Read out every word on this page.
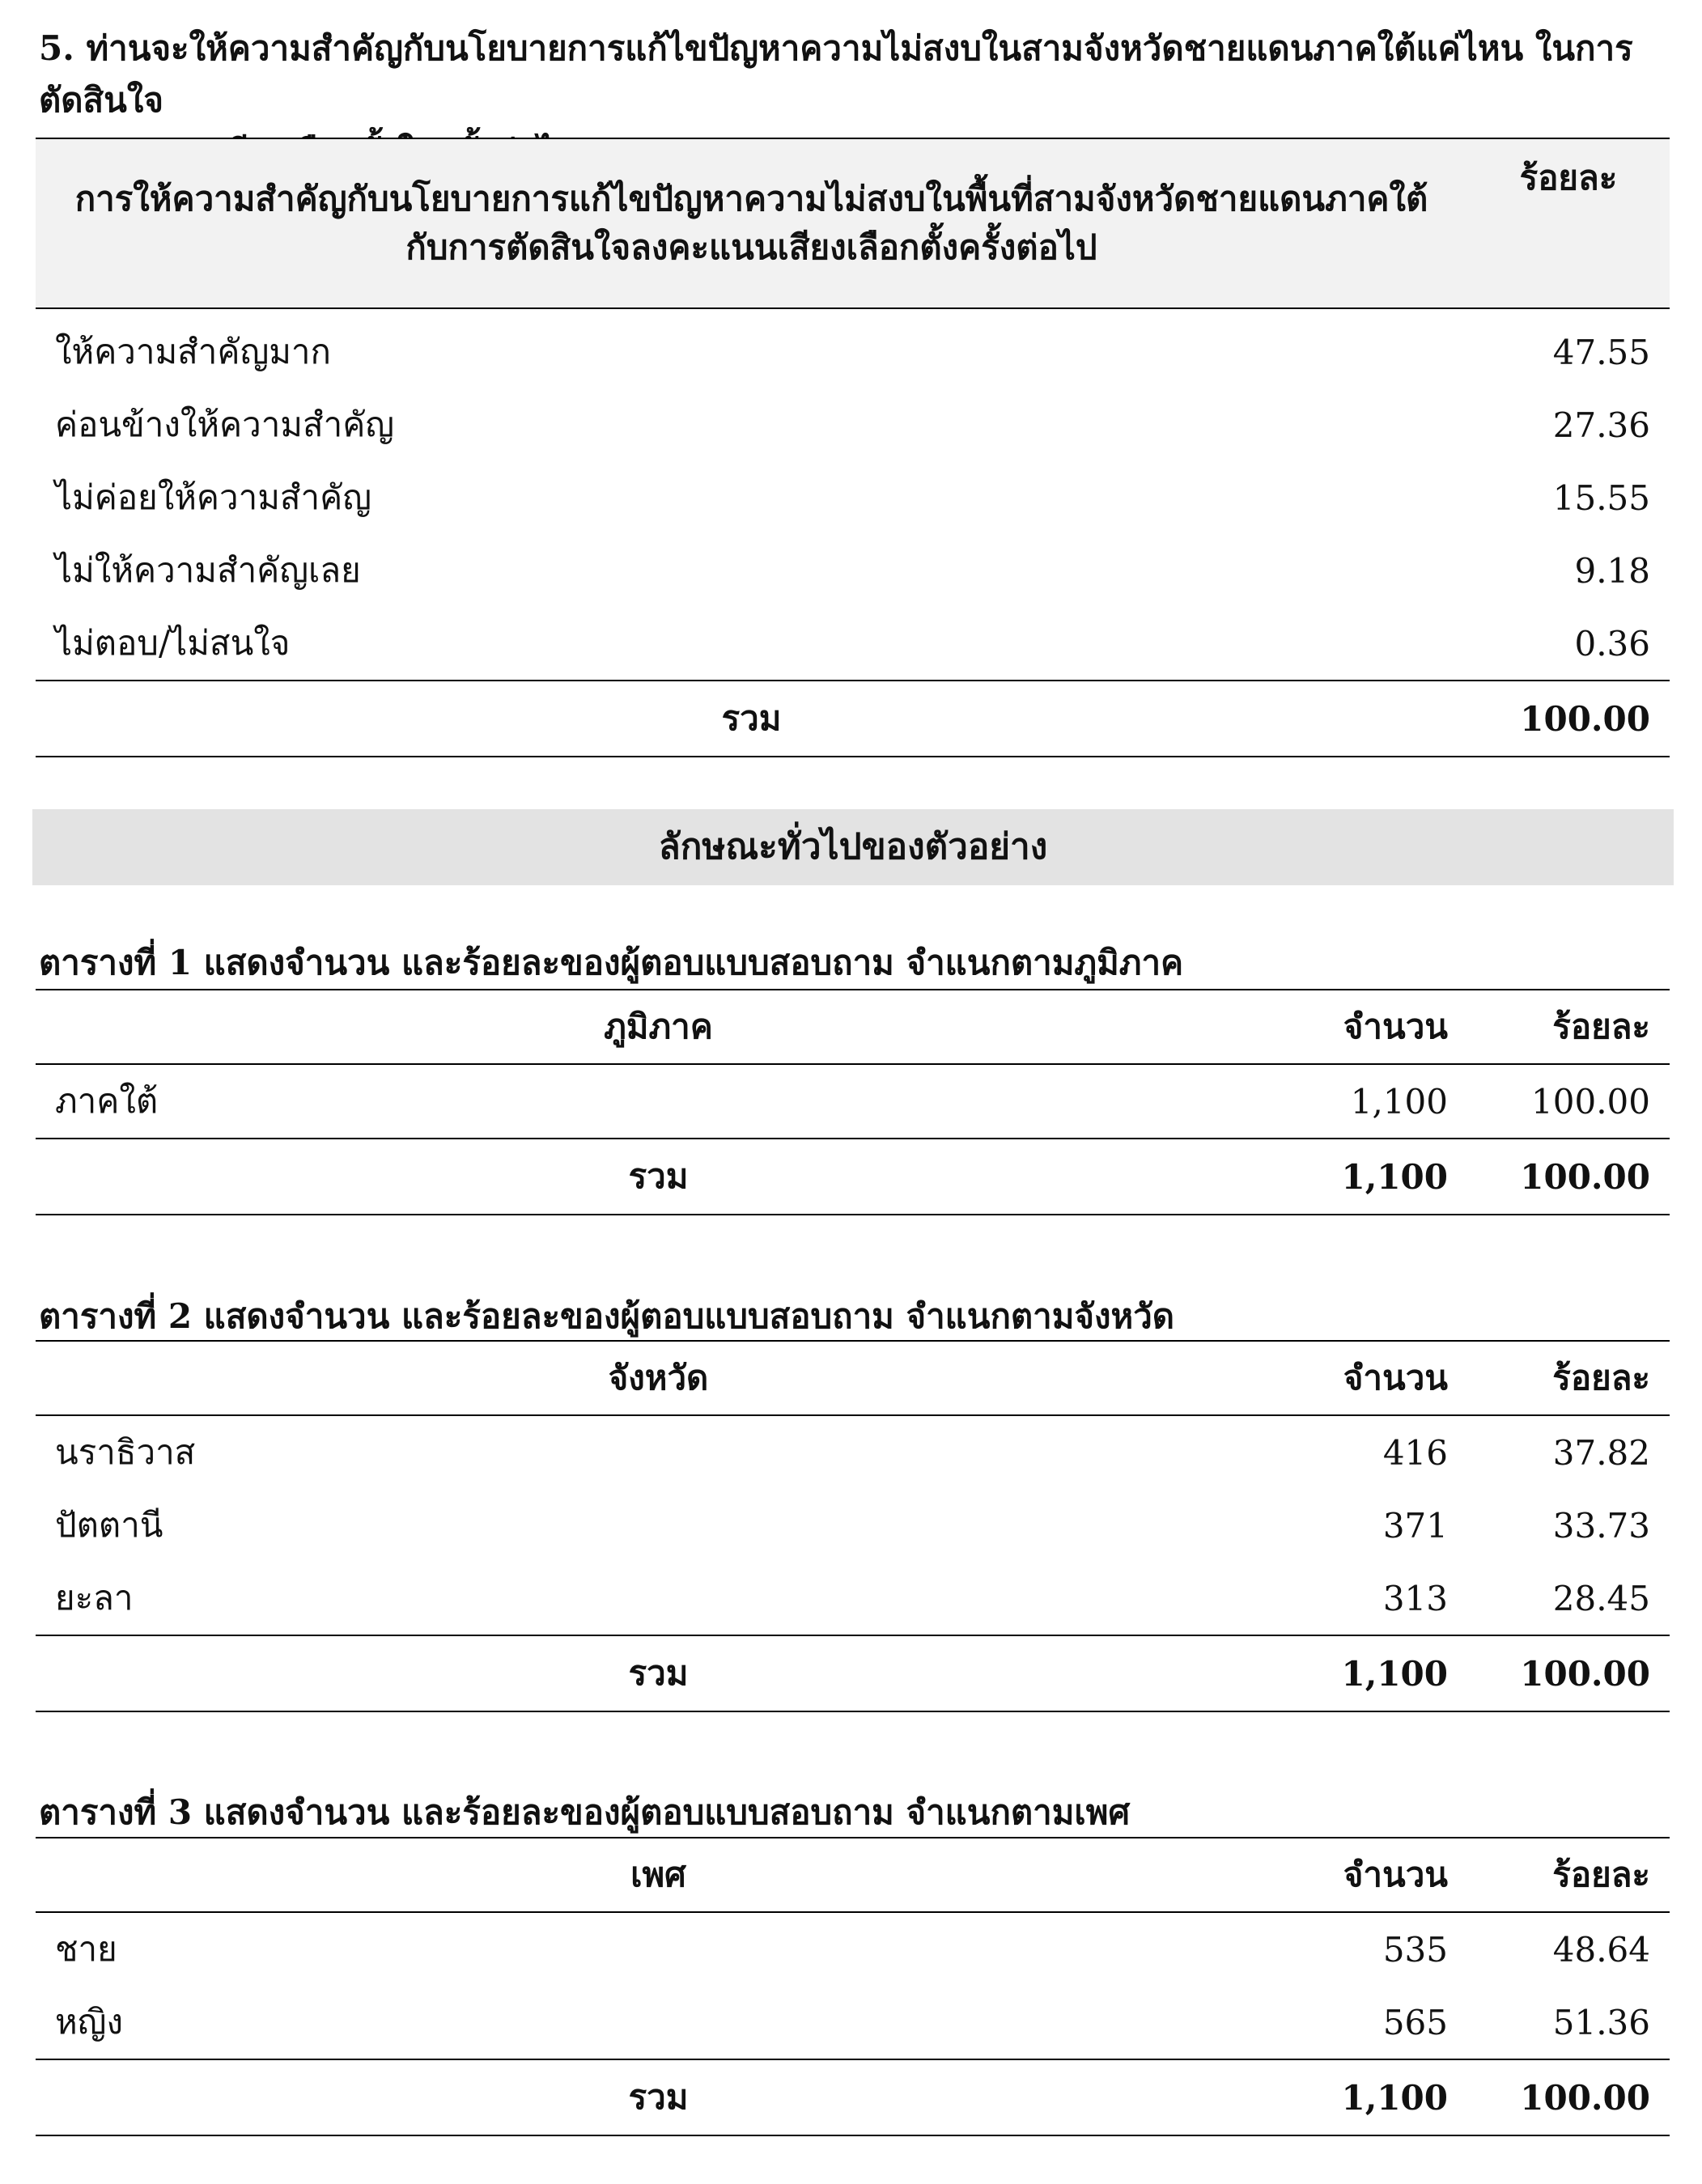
5. ท่านจะให้ความสำคัญกับนโยบายการแก้ไขปัญหาความไม่สงบในสามจังหวัดชายแดนภาคใต้แค่ไหน ในการตัดสินใจ
การให้ความสำคัญกับนโยบายการแก้ไขปัญหาความไม่สงบในพื้นที่สามจังหวัดชายแดนภาคใต้
กับการตัดสินใจลงคะแนนเสียงเลือกตั้งครั้งต่อไป	ร้อยละ
ให้ความสำคัญมาก	47.55
ค่อนข้างให้ความสำคัญ	27.36
ไม่ค่อยให้ความสำคัญ	15.55
ไม่ให้ความสำคัญเลย	9.18
ไม่ตอบ/ไม่สนใจ	0.36
รวม	100.00
ลักษณะทั่วไปของตัวอย่าง
ตารางที่ 1 แสดงจำนวน และร้อยละของผู้ตอบแบบสอบถาม จำแนกตามภูมิภาค
ภูมิภาค	จำนวน	ร้อยละ
ภาคใต้	1,100	100.00
รวม	1,100	100.00
ตารางที่ 2 แสดงจำนวน และร้อยละของผู้ตอบแบบสอบถาม จำแนกตามจังหวัด
จังหวัด	จำนวน	ร้อยละ
นราธิวาส	416	37.82
ปัตตานี	371	33.73
ยะลา	313	28.45
รวม	1,100	100.00
ตารางที่ 3 แสดงจำนวน และร้อยละของผู้ตอบแบบสอบถาม จำแนกตามเพศ
เพศ	จำนวน	ร้อยละ
ชาย	535	48.64
หญิง	565	51.36
รวม	1,100	100.00
